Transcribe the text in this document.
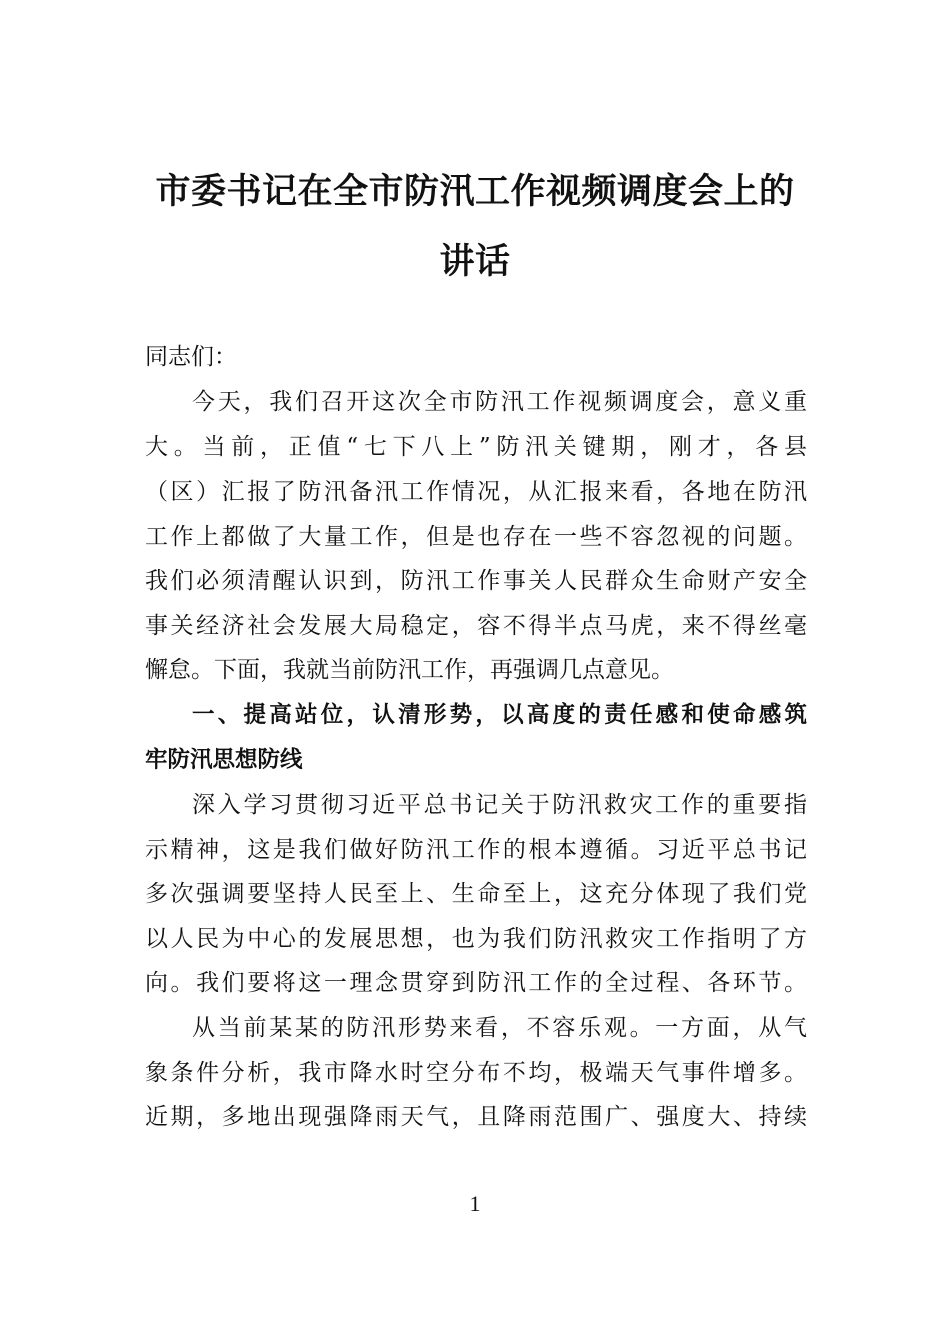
市委书记在全市防汛工作视频调度会上的
讲话
同志们：
今天，我们召开这次全市防汛工作视频调度会，意义重
大。当前，正值“七下八上”防汛关键期，刚才，各县
（区）汇报了防汛备汛工作情况，从汇报来看，各地在防汛
工作上都做了大量工作，但是也存在一些不容忽视的问题。
我们必须清醒认识到，防汛工作事关人民群众生命财产安全
事关经济社会发展大局稳定，容不得半点马虎，来不得丝毫
懈怠。下面，我就当前防汛工作，再强调几点意见。
一、提高站位，认清形势，以高度的责任感和使命感筑
牢防汛思想防线
深入学习贯彻习近平总书记关于防汛救灾工作的重要指
示精神，这是我们做好防汛工作的根本遵循。习近平总书记
多次强调要坚持人民至上、生命至上，这充分体现了我们党
以人民为中心的发展思想，也为我们防汛救灾工作指明了方
向。我们要将这一理念贯穿到防汛工作的全过程、各环节。
从当前某某的防汛形势来看，不容乐观。一方面，从气
象条件分析，我市降水时空分布不均，极端天气事件增多。
近期，多地出现强降雨天气，且降雨范围广、强度大、持续
1
